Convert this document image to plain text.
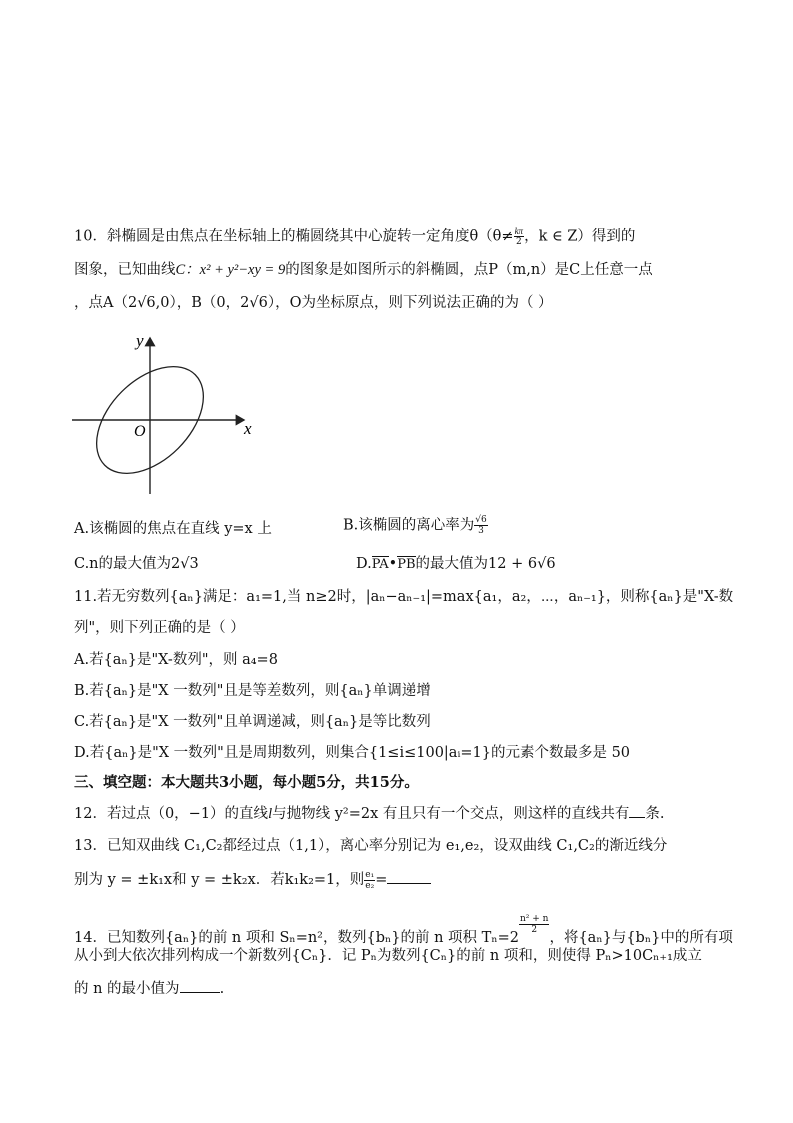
10．斜椭圆是由焦点在坐标轴上的椭圆绕其中心旋转一定角度$\theta(\theta\ne \frac{k\pi}{2}$ ，k ∈ Z）得到的
图象，已知曲线C：x² + y²−xy = 9的图象是如图所示的斜椭圆，点P（m,n）是C上任意一点
，点A（2√6,0），B（0，2√6），O为坐标原点，则下列说法正确的为（ ）
y
x
O
A.该椭圆的焦点在直线 y=x 上	B.该椭圆的离心率为 $\frac{√6}{3}$
C.n的最大值为2√3	D.PA•PB的最大值为12 + 6√6
11.若无穷数列{aₙ}满足：a₁=1,当 n≥2时，|aₙ−aₙ₋₁|=max{a₁，a₂，⋯，aₙ₋₁}，则称{aₙ}是"X-数
列"，则下列正确的是（ ）
A.若{aₙ}是"X-数列"，则 a₄=8
B.若{aₙ}是"X 一数列"且是等差数列，则{aₙ}单调递增
C.若{aₙ}是"X 一数列"且单调递减，则{aₙ}是等比数列
D.若{aₙ}是"X 一数列"且是周期数列，则集合{1≤i≤100|aᵢ=1}的元素个数最多是 50
三、填空题：本大题共3小题，每小题5分，共15分。
12．若过点（0，−1）的直线l与抛物线 y²=2x 有且只有一个交点，则这样的直线共有 条.
13．已知双曲线 C₁,C₂都经过点（1,1），离心率分别记为 e₁,e₂，设双曲线 C₁,C₂的渐近线分
别为 y = ±k₁x和 y = ±k₂x．若k₁k₂=1，则 $\frac{\text{e₁}}{\text{e₂}}$ =
14．已知数列{aₙ}的前 n 项和 Sₙ=n²，数列{bₙ}的前 n 项积 Tₙ=2
$^{\frac{\text{n² + n}}{2}}$
，将{aₙ}与{bₙ}中的所有项
从小到大依次排列构成一个新数列{Cₙ}．记 Pₙ为数列{Cₙ}的前 n 项和，则使得 Pₙ>10Cₙ₊₁成立
的 n 的最小值为	.
